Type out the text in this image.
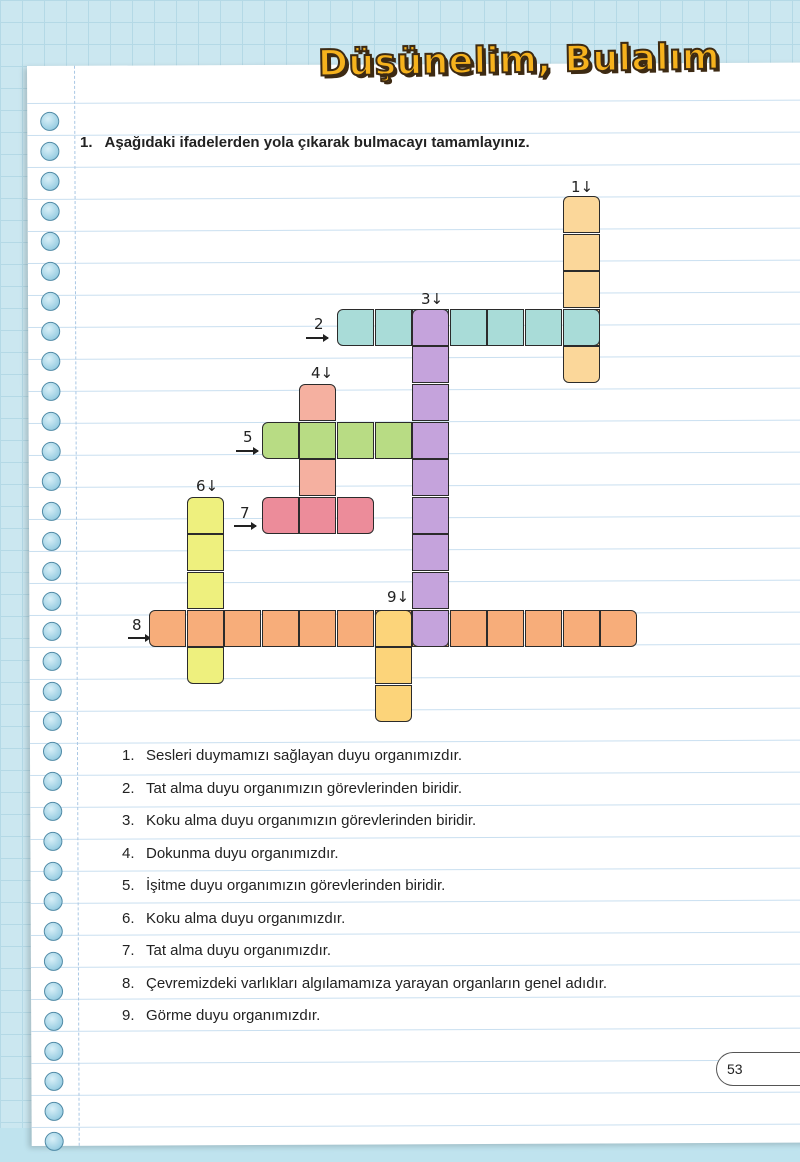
Düşünelim, Bulalım
1. Aşağıdaki ifadelerden yola çıkarak bulmacayı tamamlayınız.
1↓
2
3↓
4↓
5
6↓
7
8
9↓
1. Sesleri duymamızı sağlayan duyu organımızdır.
2. Tat alma duyu organımızın görevlerinden biridir.
3. Koku alma duyu organımızın görevlerinden biridir.
4. Dokunma duyu organımızdır.
5. İşitme duyu organımızın görevlerinden biridir.
6. Koku alma duyu organımızdır.
7. Tat alma duyu organımızdır.
8. Çevremizdeki varlıkları algılamamıza yarayan organların genel adıdır.
9. Görme duyu organımızdır.
53
